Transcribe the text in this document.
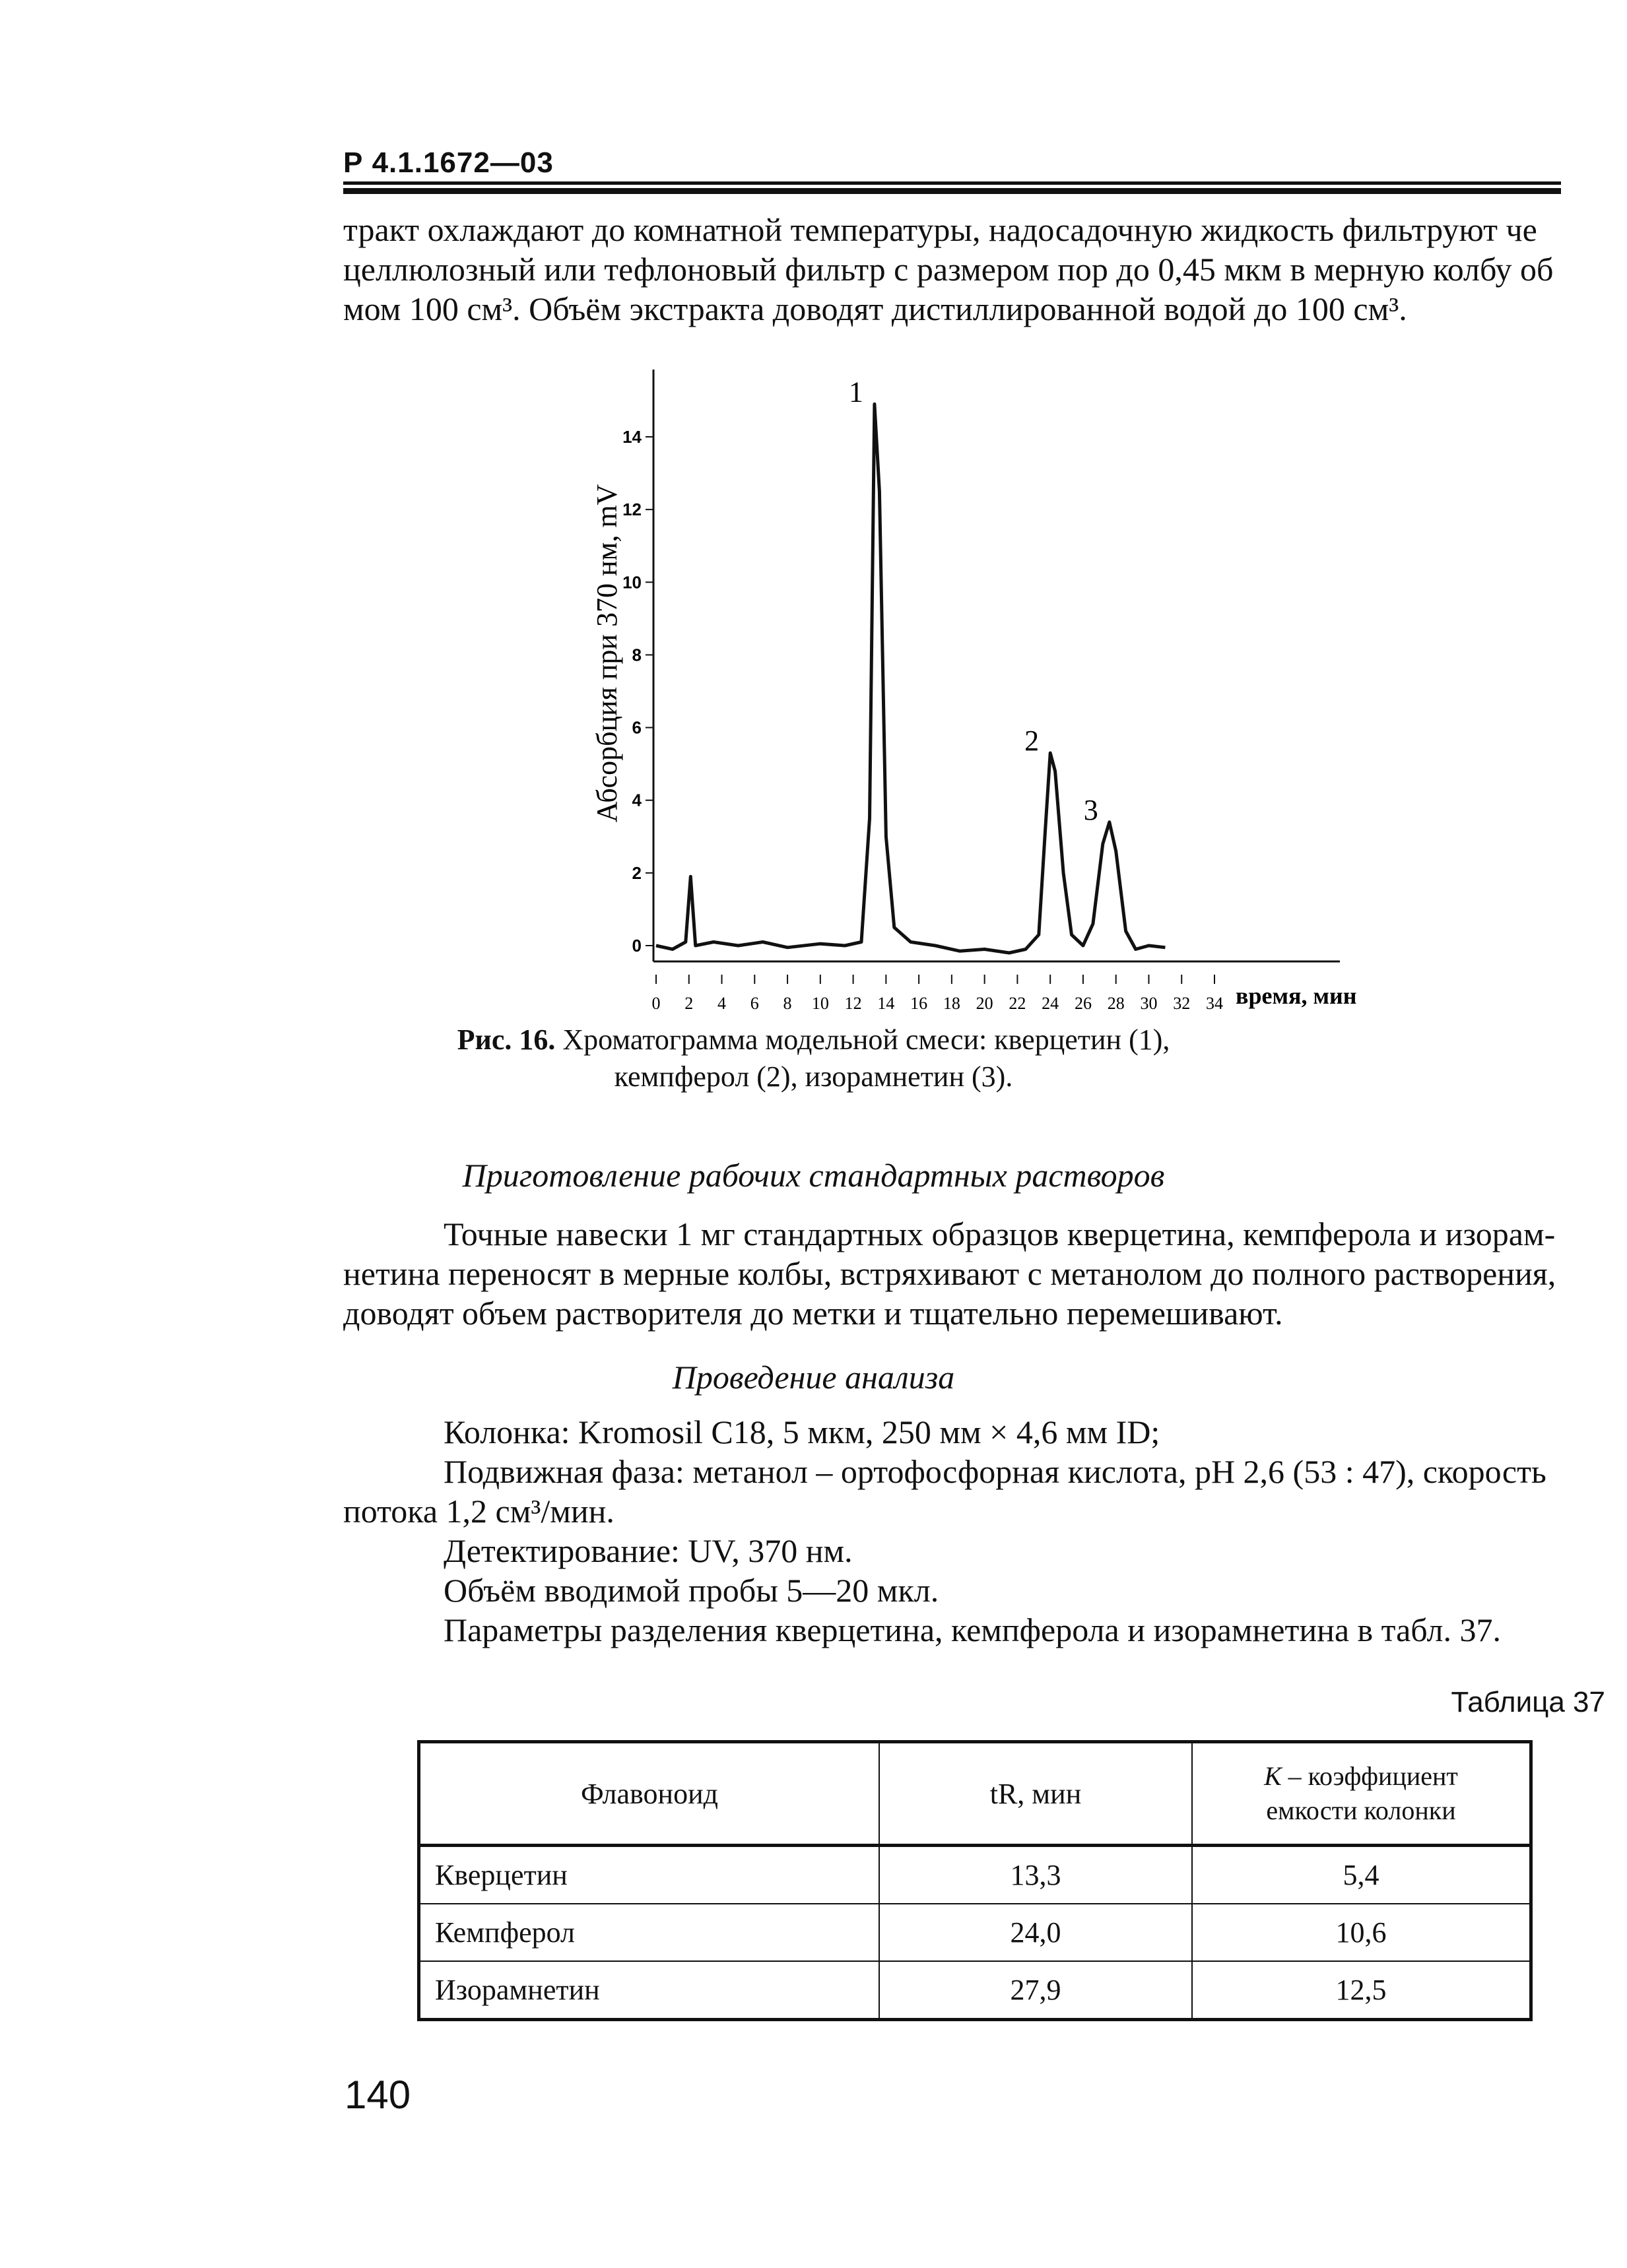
Р 4.1.1672—03
тракт охлаждают до комнатной температуры, надосадочную жидкость фильтруют че
целлюлозный или тефлоновый фильтр с размером пор до 0,45 мкм в мерную колбу об
мом 100 см³. Объём экстракта доводят дистиллированной водой до 100 см³.
0
2
4
6
8
10
12
14
0 2 4 6 8 10 12 14 16 18 20 22 24 26 28 30 32 34 время, мин
Абсорбция при 370 нм, mV
1
2
3
Рис. 16. Хроматограмма модельной смеси: кверцетин (1),
кемпферол (2), изорамнетин (3).
Приготовление рабочих стандартных растворов
Точные навески 1 мг стандартных образцов кверцетина, кемпферола и изорам-
нетина переносят в мерные колбы, встряхивают с метанолом до полного растворения,
доводят объем растворителя до метки и тщательно перемешивают.
Проведение анализа
Колонка: Kromosil C18, 5 мкм, 250 мм × 4,6 мм ID;
Подвижная фаза: метанол – ортофосфорная кислота, pH 2,6 (53 : 47), скорость
потока 1,2 см³/мин.
Детектирование: UV, 370 нм.
Объём вводимой пробы 5—20 мкл.
Параметры разделения кверцетина, кемпферола и изорамнетина в табл. 37.
Таблица 37
Флавоноид	tR, мин	К – коэффициент
емкости колонки

Кверцетин	13,3	5,4
Кемпферол	24,0	10,6
Изорамнетин	27,9	12,5
140
